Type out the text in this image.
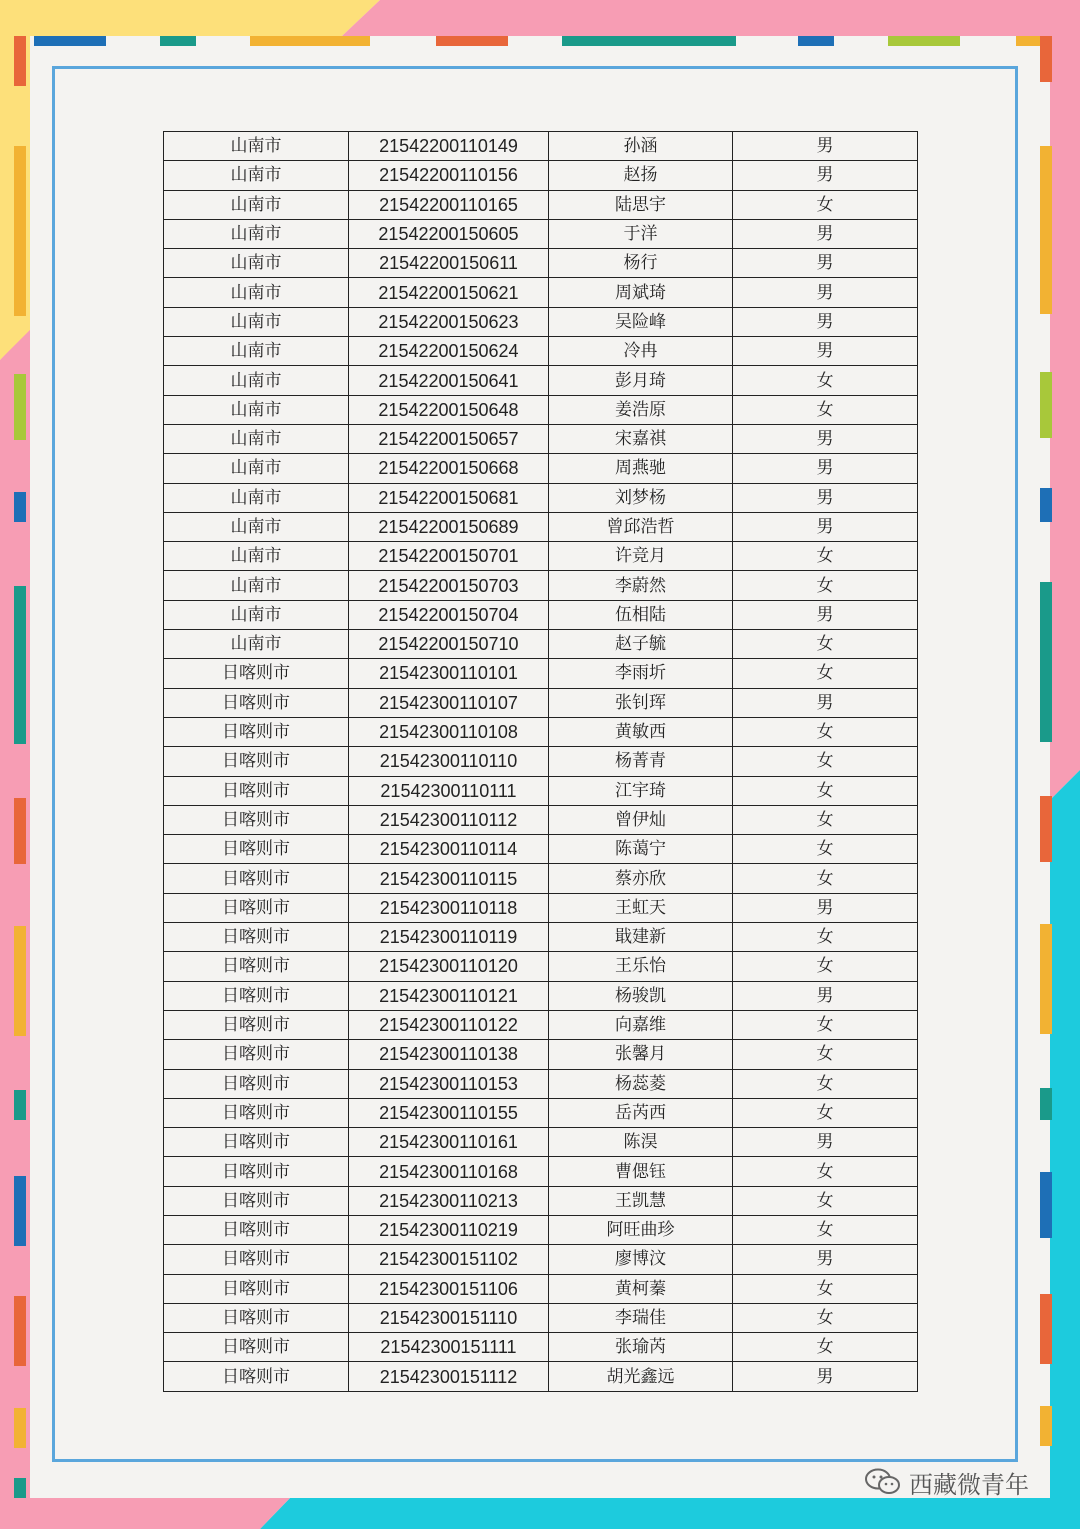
山南市	21542200110149	孙涵	男
山南市	21542200110156	赵扬	男
山南市	21542200110165	陆思宇	女
山南市	21542200150605	于洋	男
山南市	21542200150611	杨行	男
山南市	21542200150621	周斌琦	男
山南市	21542200150623	吴险峰	男
山南市	21542200150624	冷冉	男
山南市	21542200150641	彭月琦	女
山南市	21542200150648	姜浩原	女
山南市	21542200150657	宋嘉祺	男
山南市	21542200150668	周燕驰	男
山南市	21542200150681	刘梦杨	男
山南市	21542200150689	曾邱浩哲	男
山南市	21542200150701	许竞月	女
山南市	21542200150703	李蔚然	女
山南市	21542200150704	伍相陆	男
山南市	21542200150710	赵子毓	女
日喀则市	21542300110101	李雨圻	女
日喀则市	21542300110107	张钊珲	男
日喀则市	21542300110108	黄敏西	女
日喀则市	21542300110110	杨菁青	女
日喀则市	21542300110111	江宇琦	女
日喀则市	21542300110112	曾伊灿	女
日喀则市	21542300110114	陈蔼宁	女
日喀则市	21542300110115	蔡亦欣	女
日喀则市	21542300110118	王虹天	男
日喀则市	21542300110119	戢建新	女
日喀则市	21542300110120	王乐怡	女
日喀则市	21542300110121	杨骏凯	男
日喀则市	21542300110122	向嘉维	女
日喀则市	21542300110138	张馨月	女
日喀则市	21542300110153	杨蕊菱	女
日喀则市	21542300110155	岳芮西	女
日喀则市	21542300110161	陈淏	男
日喀则市	21542300110168	曹偲钰	女
日喀则市	21542300110213	王凯慧	女
日喀则市	21542300110219	阿旺曲珍	女
日喀则市	21542300151102	廖博汶	男
日喀则市	21542300151106	黄柯蓁	女
日喀则市	21542300151110	李瑞佳	女
日喀则市	21542300151111	张瑜芮	女
日喀则市	21542300151112	胡光鑫远	男
西藏微青年
